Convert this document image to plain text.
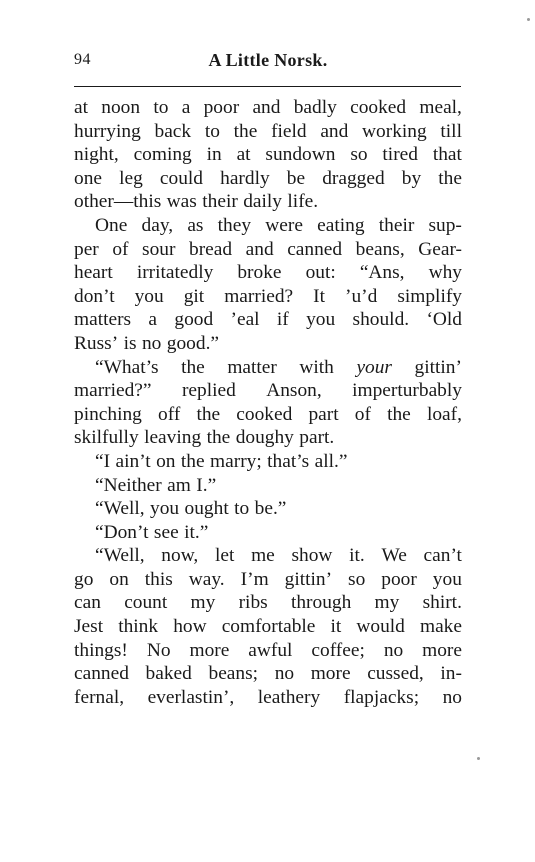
94	A Little Norsk.
at noon to a poor and badly cooked meal,
hurrying back to the field and working till
night, coming in at sundown so tired that
one leg could hardly be dragged by the
other—this was their daily life.
One day, as they were eating their sup-
per of sour bread and canned beans, Gear-
heart irritatedly broke out: “Ans, why
don’t you git married? It ’u’d simplify
matters a good ’eal if you should. ‘Old
Russ’ is no good.”
“What’s the matter with your gittin’
married?” replied Anson, imperturbably
pinching off the cooked part of the loaf,
skilfully leaving the doughy part.
“I ain’t on the marry; that’s all.”
“Neither am I.”
“Well, you ought to be.”
“Don’t see it.”
“Well, now, let me show it. We can’t
go on this way. I’m gittin’ so poor you
can count my ribs through my shirt.
Jest think how comfortable it would make
things! No more awful coffee; no more
canned baked beans; no more cussed, in-
fernal, everlastin’, leathery flapjacks; no
